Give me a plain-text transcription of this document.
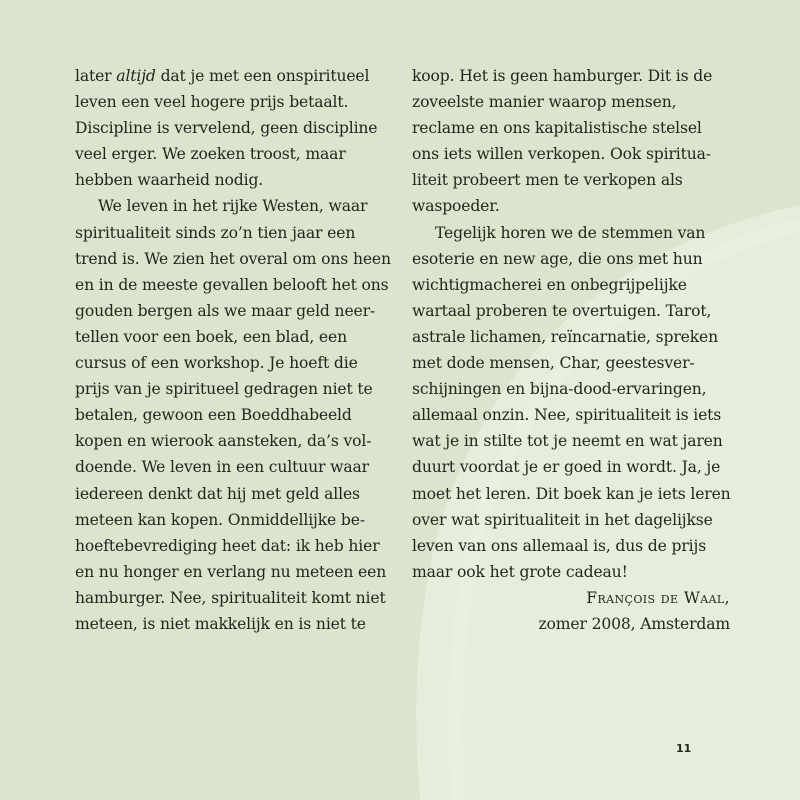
later altijd dat je met een onspiritueel
leven een veel hogere prijs betaalt.
Discipline is vervelend, geen discipline
veel erger. We zoeken troost, maar
hebben waarheid nodig.
We leven in het rijke Westen, waar
spiritualiteit sinds zo’n tien jaar een
trend is. We zien het overal om ons heen
en in de meeste gevallen belooft het ons
gouden bergen als we maar geld neer-
tellen voor een boek, een blad, een
cursus of een workshop. Je hoeft die
prijs van je spiritueel gedragen niet te
betalen, gewoon een Boeddhabeeld
kopen en wierook aansteken, da’s vol-
doende. We leven in een cultuur waar
iedereen denkt dat hij met geld alles
meteen kan kopen. Onmiddellijke be-
hoeftebevrediging heet dat: ik heb hier
en nu honger en verlang nu meteen een
hamburger. Nee, spiritualiteit komt niet
meteen, is niet makkelijk en is niet te
koop. Het is geen hamburger. Dit is de
zoveelste manier waarop mensen,
reclame en ons kapitalistische stelsel
ons iets willen verkopen. Ook spiritua-
liteit probeert men te verkopen als
waspoeder.
Tegelijk horen we de stemmen van
esoterie en new age, die ons met hun
wichtigmacherei en onbegrijpelijke
wartaal proberen te overtuigen. Tarot,
astrale lichamen, reïncarnatie, spreken
met dode mensen, Char, geestesver-
schijningen en bijna-dood-ervaringen,
allemaal onzin. Nee, spiritualiteit is iets
wat je in stilte tot je neemt en wat jaren
duurt voordat je er goed in wordt. Ja, je
moet het leren. Dit boek kan je iets leren
over wat spiritualiteit in het dagelijkse
leven van ons allemaal is, dus de prijs
maar ook het grote cadeau!
François de Waal,
zomer 2008, Amsterdam
11
